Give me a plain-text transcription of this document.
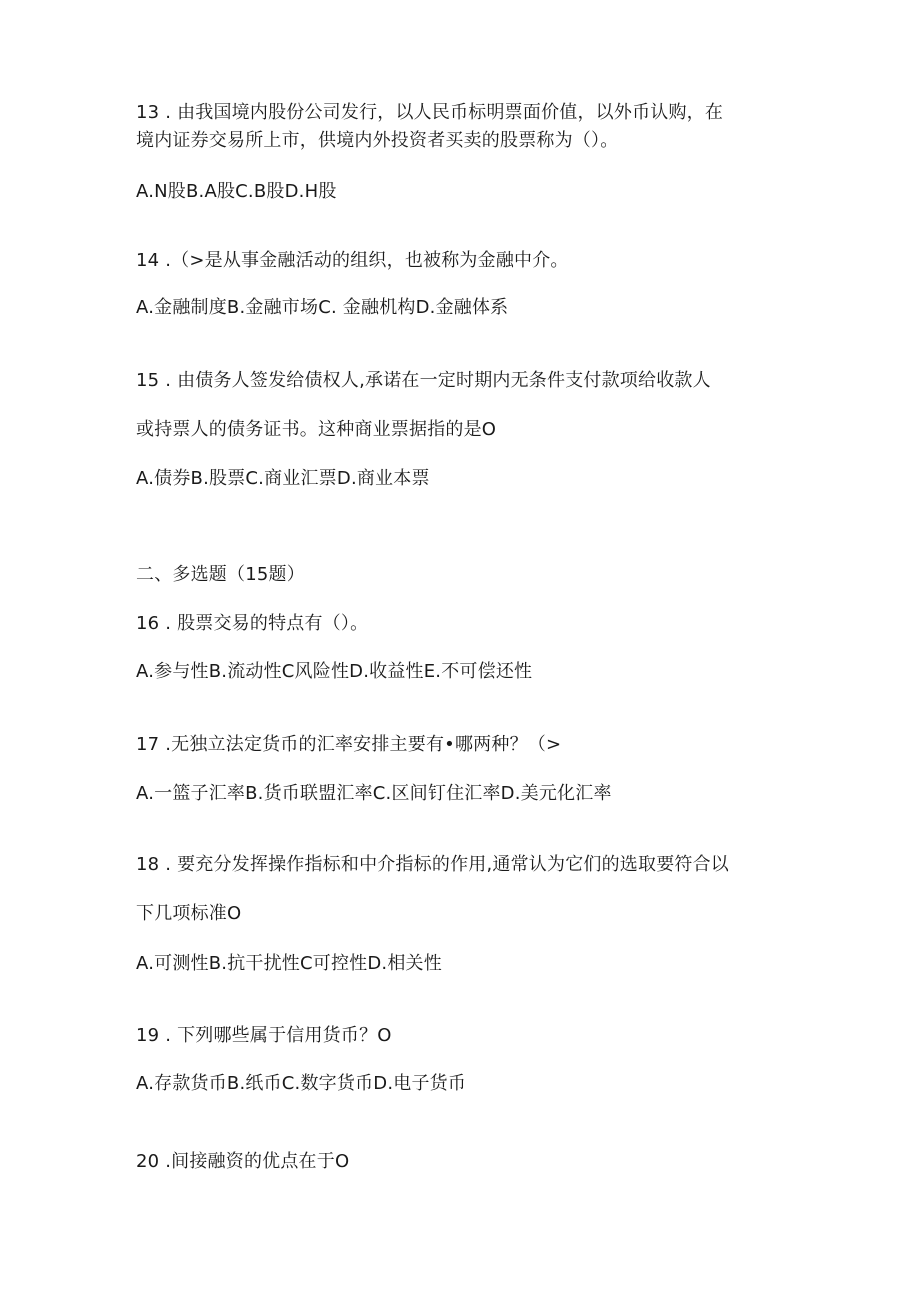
13 . 由我国境内股份公司发行，以人民币标明票面价值，以外币认购，在
境内证券交易所上市，供境内外投资者买卖的股票称为（）。
A.N股B.A股C.B股D.H股
14 .（>是从事金融活动的组织，也被称为金融中介。
A.金融制度B.金融市场C. 金融机构D.金融体系
15 . 由债务人签发给债权人,承诺在一定时期内无条件支付款项给收款人
或持票人的债务证书。这种商业票据指的是O
A.债券B.股票C.商业汇票D.商业本票
二、多选题（15题）
16 . 股票交易的特点有（）。
A.参与性B.流动性C风险性D.收益性E.不可偿还性
17 .无独立法定货币的汇率安排主要有•哪两种？（>
A.一篮子汇率B.货币联盟汇率C.区间钉住汇率D.美元化汇率
18 . 要充分发挥操作指标和中介指标的作用,通常认为它们的选取要符合以
下几项标准O
A.可测性B.抗干扰性C可控性D.相关性
19 . 下列哪些属于信用货币？O
A.存款货币B.纸币C.数字货币D.电子货币
20 .间接融资的优点在于O
